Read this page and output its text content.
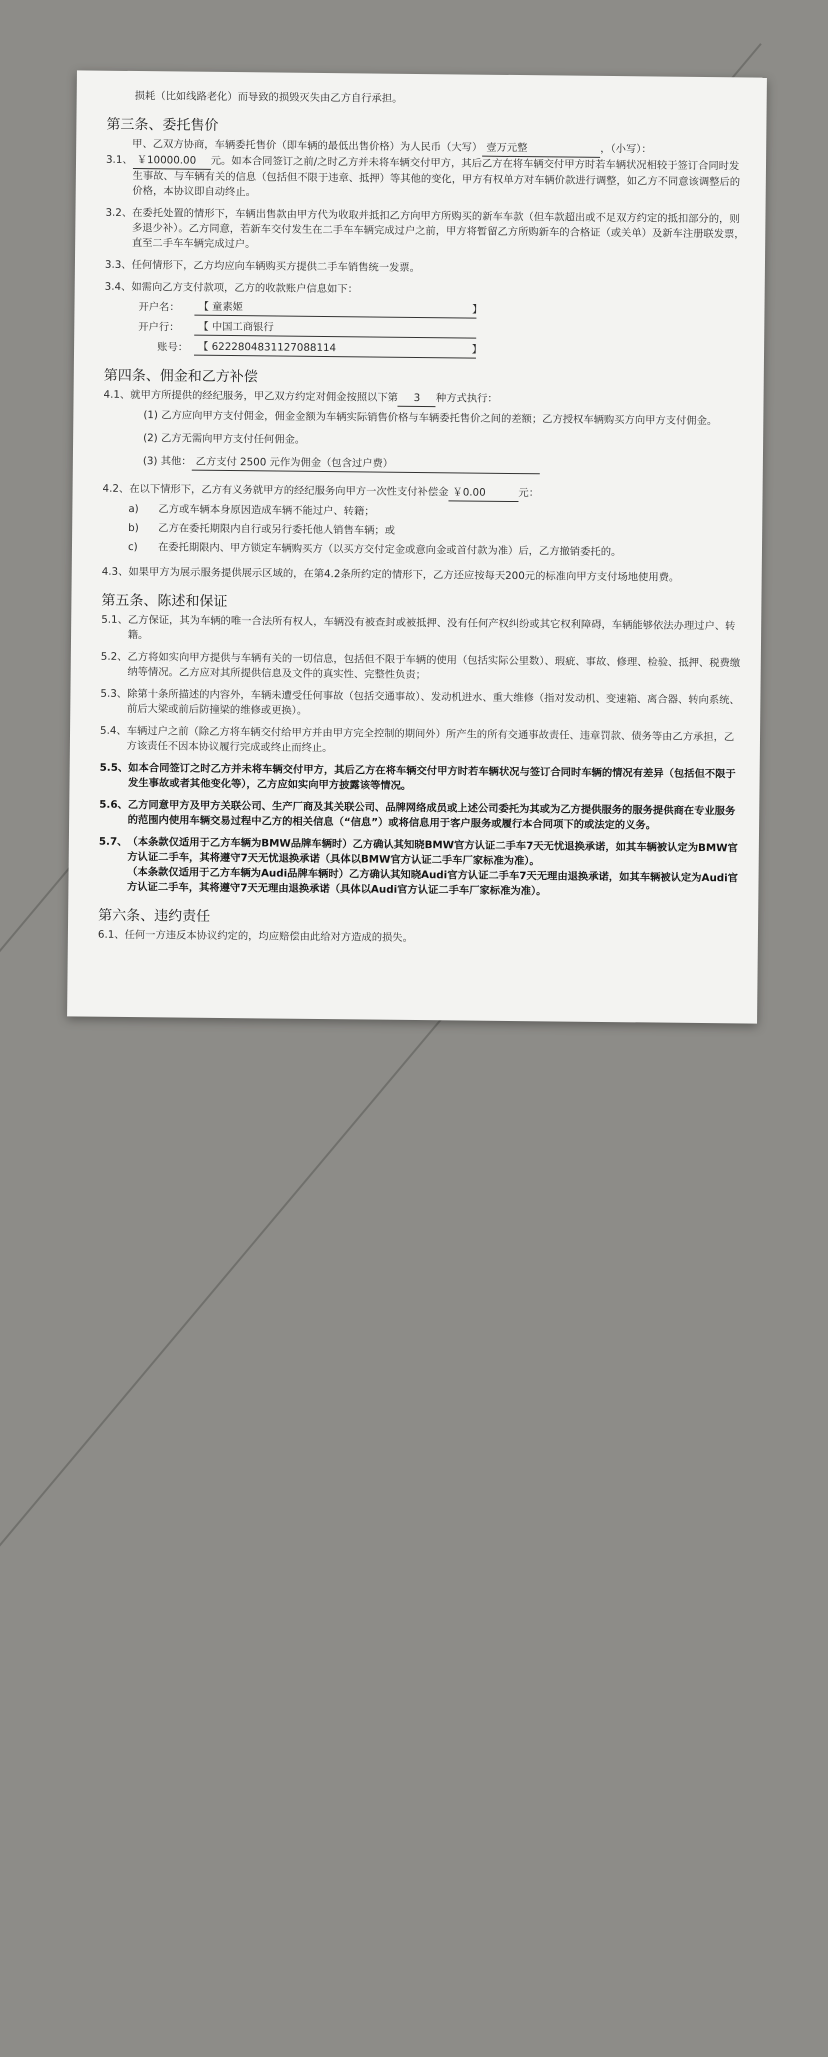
损耗（比如线路老化）而导致的损毁灭失由乙方自行承担。

第三条、委托售价

甲、乙双方协商，车辆委托售价（即车辆的最低出售价格）为人民币（大写） 壹万元整	，（小写）：

3.1、 ￥10000.00 元。如本合同签订之前/之时乙方并未将车辆交付甲方，其后乙方在将车辆交付甲方时若车辆状况相较于签订合同时发生事故、与车辆有关的信息（包括但不限于违章、抵押）等其他的变化，甲方有权单方对车辆价款进行调整，如乙方不同意该调整后的价格，本协议即自动终止。
3.2、 在委托处置的情形下，车辆出售款由甲方代为收取并抵扣乙方向甲方所购买的新车车款（但车款超出或不足双方约定的抵扣部分的，则多退少补）。乙方同意，若新车交付发生在二手车车辆完成过户之前，甲方将暂留乙方所购新车的合格证（或关单）及新车注册联发票，直至二手车车辆完成过户。
3.3、 任何情形下，乙方均应向车辆购买方提供二手车销售统一发票。
3.4、 如需向乙方支付款项，乙方的收款账户信息如下：
开户名：	【 童素姬	】
开户行：	【 中国工商银行
账号： 【 6222804831127088114	】
第四条、佣金和乙方补偿
4.1、 就甲方所提供的经纪服务，甲乙双方约定对佣金按照以下第 3 种方式执行：

(1) 乙方应向甲方支付佣金，佣金金额为车辆实际销售价格与车辆委托售价之间的差额；乙方授权车辆购买方向甲方支付佣金。

(2) 乙方无需向甲方支付任何佣金。

(3) 其他： 乙方支付 2500 元作为佣金（包含过户费）

4.2、 在以下情形下，乙方有义务就甲方的经纪服务向甲方一次性支付补偿金 ￥0.00	元：
a)	乙方或车辆本身原因造成车辆不能过户、转籍；
b)	乙方在委托期限内自行或另行委托他人销售车辆；或
c)	在委托期限内、甲方锁定车辆购买方（以买方交付定金或意向金或首付款为准）后，乙方撤销委托的。
4.3、 如果甲方为展示服务提供展示区域的，在第4.2条所约定的情形下，乙方还应按每天200元的标准向甲方支付场地使用费。
第五条、陈述和保证
5.1、 乙方保证，其为车辆的唯一合法所有权人，车辆没有被查封或被抵押、没有任何产权纠纷或其它权利障碍，车辆能够依法办理过户、转籍。
5.2、 乙方将如实向甲方提供与车辆有关的一切信息，包括但不限于车辆的使用（包括实际公里数）、瑕疵、事故、修理、检验、抵押、税费缴纳等情况。乙方应对其所提供信息及文件的真实性、完整性负责；
5.3、 除第十条所描述的内容外，车辆未遭受任何事故（包括交通事故）、发动机进水、重大维修（指对发动机、变速箱、离合器、转向系统、前后大梁或前后防撞梁的维修或更换）。
5.4、 车辆过户之前（除乙方将车辆交付给甲方并由甲方完全控制的期间外）所产生的所有交通事故责任、违章罚款、债务等由乙方承担，乙方该责任不因本协议履行完成或终止而终止。
5.5、 如本合同签订之时乙方并未将车辆交付甲方，其后乙方在将车辆交付甲方时若车辆状况与签订合同时车辆的情况有差异（包括但不限于发生事故或者其他变化等），乙方应如实向甲方披露该等情况。
5.6、 乙方同意甲方及甲方关联公司、生产厂商及其关联公司、品牌网络成员或上述公司委托为其或为乙方提供服务的服务提供商在专业服务的范围内使用车辆交易过程中乙方的相关信息（“信息”）或将信息用于客户服务或履行本合同项下的或法定的义务。
5.7、 （本条款仅适用于乙方车辆为BMW品牌车辆时）乙方确认其知晓BMW官方认证二手车7天无忧退换承诺，如其车辆被认定为BMW官方认证二手车，其将遵守7天无忧退换承诺（具体以BMW官方认证二手车厂家标准为准）。
（本条款仅适用于乙方车辆为Audi品牌车辆时）乙方确认其知晓Audi官方认证二手车7天无理由退换承诺，如其车辆被认定为Audi官方认证二手车，其将遵守7天无理由退换承诺（具体以Audi官方认证二手车厂家标准为准）。
第六条、违约责任
6.1、 任何一方违反本协议约定的，均应赔偿由此给对方造成的损失。
